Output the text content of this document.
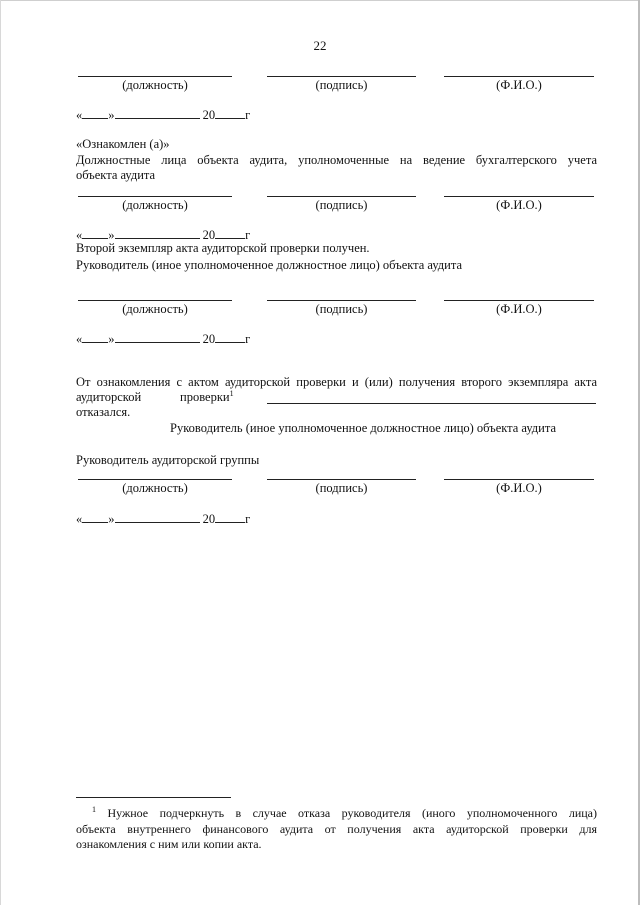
22
(должность)	(подпись)	(Ф.И.О.)
« »	20 г
«Ознакомлен (а)»
Должностные лица объекта аудита, уполномоченные на ведение бухгалтерского учета
объекта аудита
(должность)	(подпись)	(Ф.И.О.)
« »	20 г
Второй экземпляр акта аудиторской проверки получен.
Руководитель (иное уполномоченное должностное лицо) объекта аудита
(должность)	(подпись)	(Ф.И.О.)
« »	20 г
От ознакомления с актом аудиторской проверки и (или) получения второго экземпляра акта
аудиторской	проверки$^1$
отказался.
Руководитель (иное уполномоченное должностное лицо) объекта аудита
Руководитель аудиторской группы
(должность)	(подпись)	(Ф.И.О.)
« »	20 г
$^1$ Нужное подчеркнуть в случае отказа руководителя (иного уполномоченного лица)
объекта внутреннего финансового аудита от получения акта аудиторской проверки для
ознакомления с ним или копии акта.
